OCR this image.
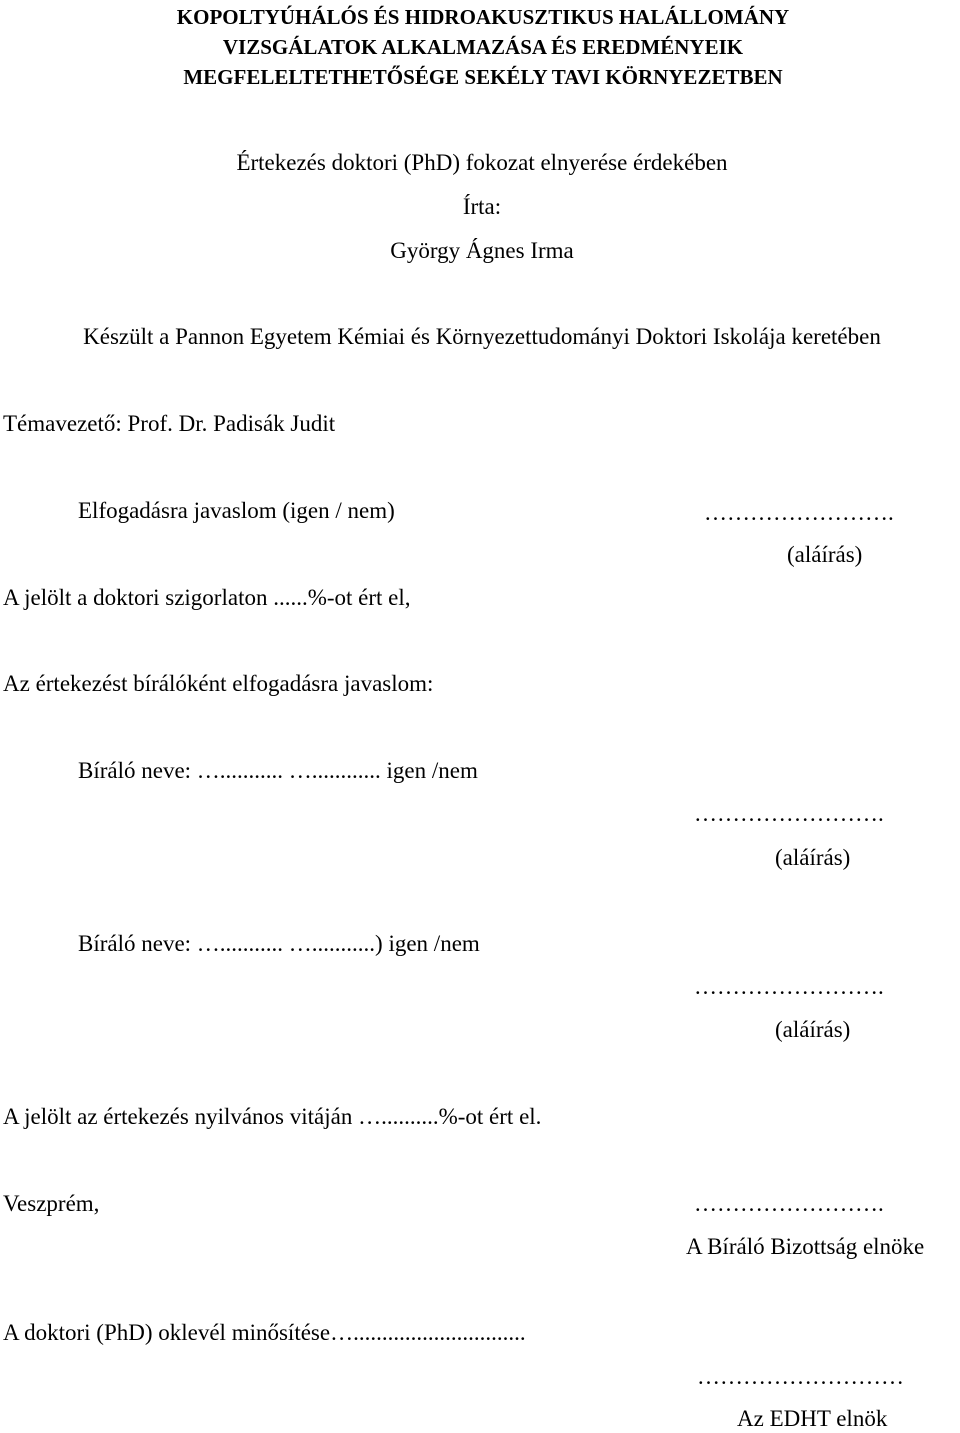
KOPOLTYÚHÁLÓS ÉS HIDROAKUSZTIKUS HALÁLLOMÁNY
VIZSGÁLATOK ALKALMAZÁSA ÉS EREDMÉNYEIK
MEGFELELTETHETŐSÉGE SEKÉLY TAVI KÖRNYEZETBEN
Értekezés doktori (PhD) fokozat elnyerése érdekében
Írta:
György Ágnes Irma
Készült a Pannon Egyetem Kémiai és Környezettudományi Doktori Iskolája keretében
Témavezető: Prof. Dr. Padisák Judit
Elfogadásra javaslom (igen / nem)	…………………….
(aláírás)
A jelölt a doktori szigorlaton ......%-ot ért el,
Az értekezést bírálóként elfogadásra javaslom:
Bíráló neve: …........... …............ igen /nem
…………………….
(aláírás)
Bíráló neve: …........... …...........) igen /nem
…………………….
(aláírás)
A jelölt az értekezés nyilvános vitáján …..........%-ot ért el.
Veszprém,	…………………….
A Bíráló Bizottság elnöke
A doktori (PhD) oklevél minősítése…..............................
………………………
Az EDHT elnök
